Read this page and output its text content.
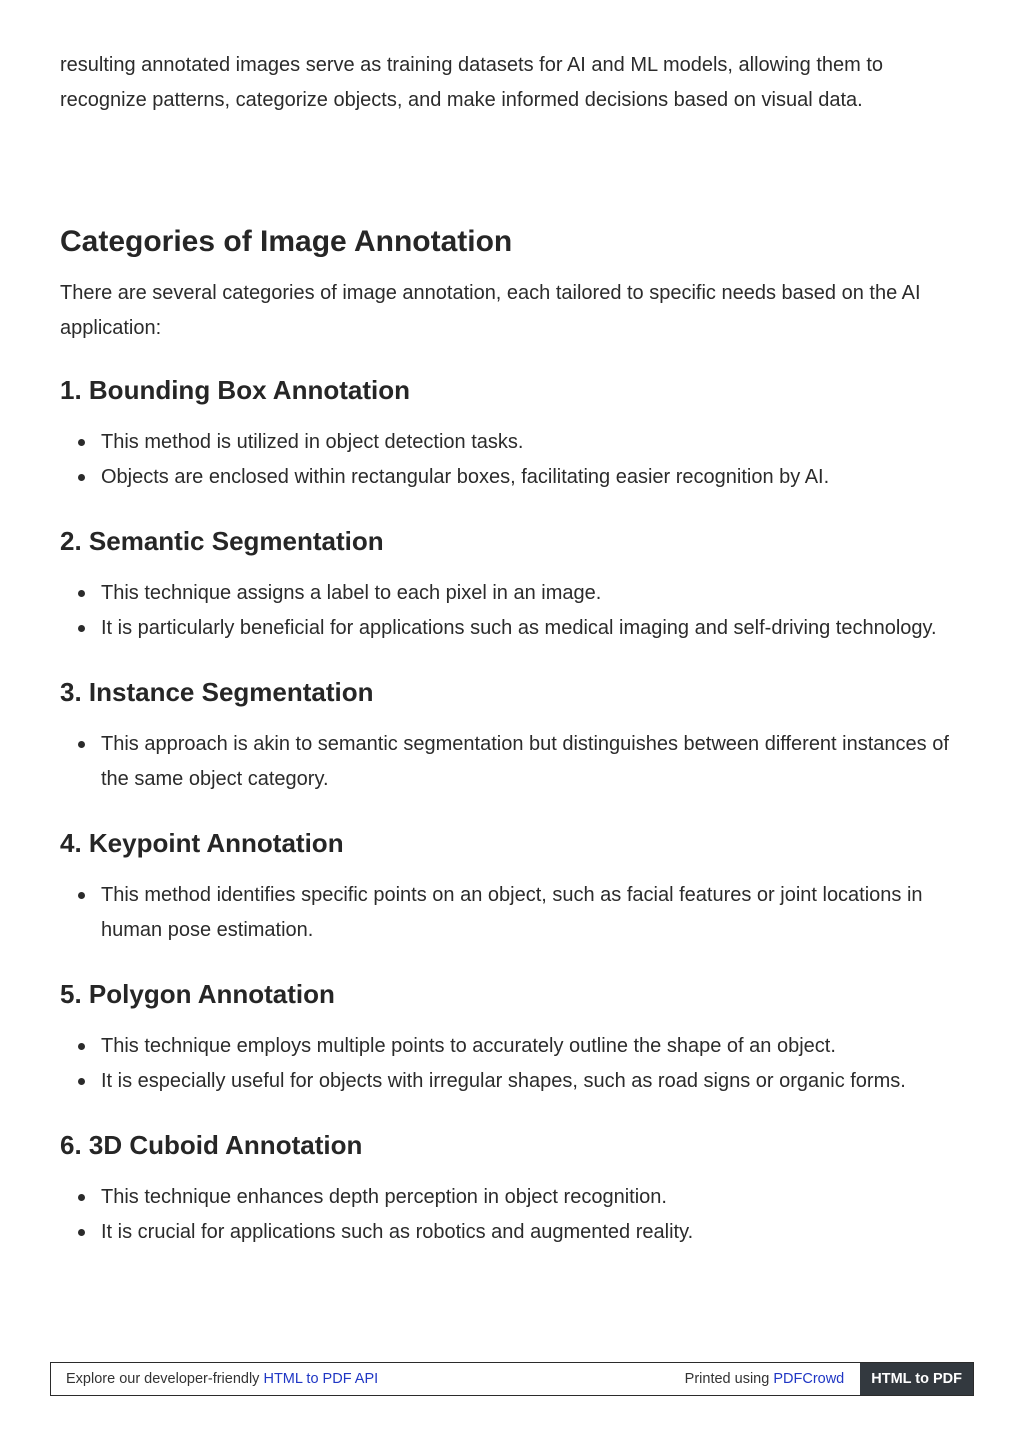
resulting annotated images serve as training datasets for AI and ML models, allowing them to recognize patterns, categorize objects, and make informed decisions based on visual data.

Categories of Image Annotation

There are several categories of image annotation, each tailored to specific needs based on the AI application:

1. Bounding Box Annotation
This method is utilized in object detection tasks.
Objects are enclosed within rectangular boxes, facilitating easier recognition by AI.
2. Semantic Segmentation
This technique assigns a label to each pixel in an image.
It is particularly beneficial for applications such as medical imaging and self-driving technology.
3. Instance Segmentation
This approach is akin to semantic segmentation but distinguishes between different instances of the same object category.
4. Keypoint Annotation
This method identifies specific points on an object, such as facial features or joint locations in human pose estimation.
5. Polygon Annotation
This technique employs multiple points to accurately outline the shape of an object.
It is especially useful for objects with irregular shapes, such as road signs or organic forms.
6. 3D Cuboid Annotation
This technique enhances depth perception in object recognition.
It is crucial for applications such as robotics and augmented reality.
Explore our developer-friendly HTML to PDF API	Printed using PDFCrowd	HTML to PDF
